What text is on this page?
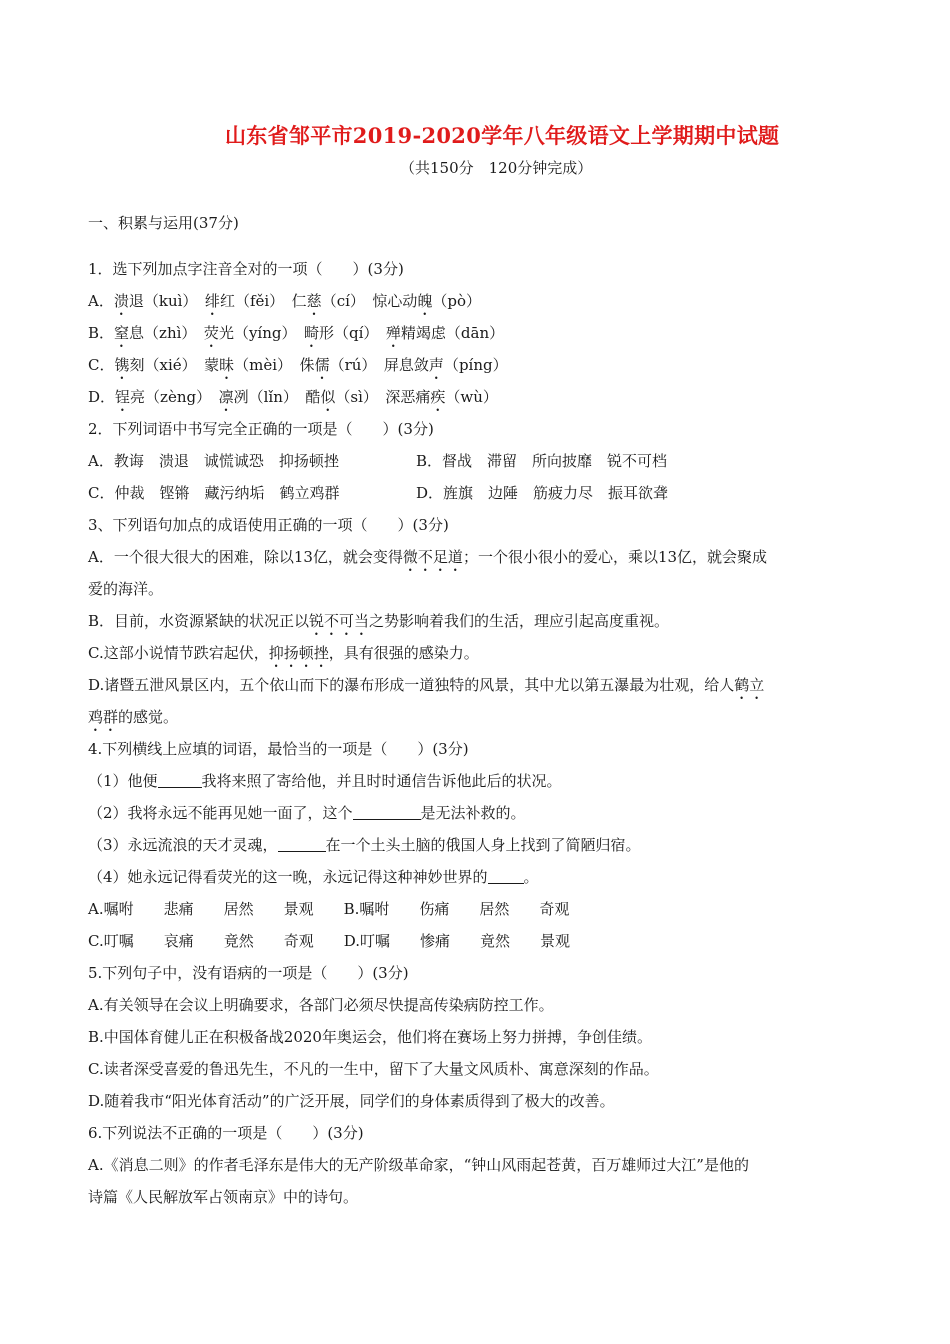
山东省邹平市2019-2020学年八年级语文上学期期中试题
（共150分　120分钟完成）
一、积累与运用(37分)
1．选下列加点字注音全对的一项（　　）(3分)
A．溃退（kuì）　绯红（fěi）　仁慈（cí）　惊心动魄（pò）
B．窒息（zhì）　荧光（yíng）　畸形（qí）　殚精竭虑（dān）
C．镌刻（xié）　蒙昧（mèi）　侏儒（rú）　屏息敛声（píng）
D．锃亮（zèng）　凛冽（lǐn）　酷似（sì）　深恶痛疾（wù）
2．下列词语中书写完全正确的一项是（　　）(3分)
A．教诲　溃退　诚慌诚恐　抑扬顿挫	B．督战　滞留　所向披靡　锐不可档
C．仲裁　铿锵　藏污纳垢　鹤立鸡群	D．旌旗　边陲　筋疲力尽　振耳欲聋
3、下列语句加点的成语使用正确的一项（　　）(3分)
A．一个很大很大的困难，除以13亿，就会变得微不足道；一个很小很小的爱心，乘以13亿，就会聚成
爱的海洋。
B．目前，水资源紧缺的状况正以锐不可当之势影响着我们的生活，理应引起高度重视。
C.这部小说情节跌宕起伏，抑扬顿挫，具有很强的感染力。
D.诸暨五泄风景区内，五个依山而下的瀑布形成一道独特的风景，其中尤以第五瀑最为壮观，给人鹤立
鸡群的感觉。
4.下列横线上应填的词语，最恰当的一项是（　　）(3分)
（1）他便	我将来照了寄给他，并且时时通信告诉他此后的状况。
（2）我将永远不能再见她一面了，这个	是无法补救的。
（3）永远流浪的天才灵魂，	在一个土头土脑的俄国人身上找到了简陋归宿。
（4）她永远记得看荧光的这一晚，永远记得这种神妙世界的 。
A.嘱咐　　悲痛　　居然　　景观　　B.嘱咐　　伤痛　　居然　　奇观
C.叮嘱　　哀痛　　竟然　　奇观　　D.叮嘱　　惨痛　　竟然　　景观
5.下列句子中，没有语病的一项是（　　）(3分)
A.有关领导在会议上明确要求，各部门必须尽快提高传染病防控工作。
B.中国体育健儿正在积极备战2020年奥运会，他们将在赛场上努力拼搏，争创佳绩。
C.读者深受喜爱的鲁迅先生，不凡的一生中，留下了大量文风质朴、寓意深刻的作品。
D.随着我市“阳光体育活动”的广泛开展，同学们的身体素质得到了极大的改善。
6.下列说法不正确的一项是（　　）(3分)
A.《消息二则》的作者毛泽东是伟大的无产阶级革命家，“钟山风雨起苍黄，百万雄师过大江”是他的
诗篇《人民解放军占领南京》中的诗句。
